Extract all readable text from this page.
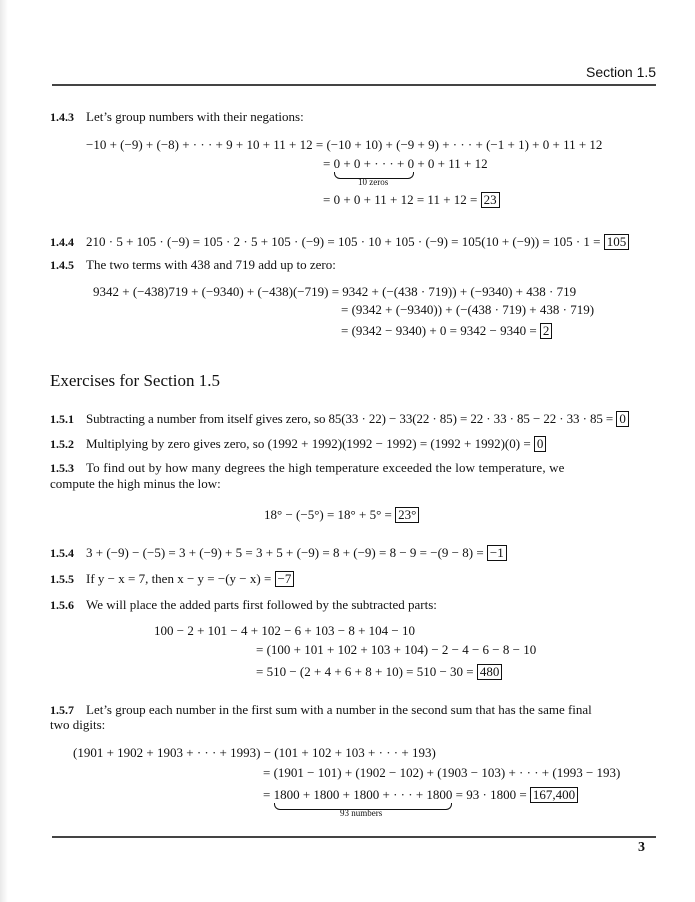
Section 1.5
1.4.3 Let’s group numbers with their negations:
−10 + (−9) + (−8) + · · · + 9 + 10 + 11 + 12 = (−10 + 10) + (−9 + 9) + · · · + (−1 + 1) + 0 + 11 + 12
= 0 + 0 + · · · + 0
+ 0 + 11 + 12
10 zeros
= 0 + 0 + 11 + 12 = 11 + 12 = 23
1.4.4 210 · 5 + 105 · (−9) = 105 · 2 · 5 + 105 · (−9) = 105 · 10 + 105 · (−9) = 105(10 + (−9)) = 105 · 1 = 105
1.4.5 The two terms with 438 and 719 add up to zero:
9342 + (−438)719 + (−9340) + (−438)(−719) = 9342 + (−(438 · 719)) + (−9340) + 438 · 719
= (9342 + (−9340)) + (−(438 · 719) + 438 · 719)
= (9342 − 9340) + 0 = 9342 − 9340 = 2
Exercises for Section 1.5
1.5.1 Subtracting a number from itself gives zero, so 85(33 · 22) − 33(22 · 85) = 22 · 33 · 85 − 22 · 33 · 85 = 0
1.5.2 Multiplying by zero gives zero, so (1992 + 1992)(1992 − 1992) = (1992 + 1992)(0) = 0
1.5.3 To find out by how many degrees the high temperature exceeded the low temperature, we
compute the high minus the low:
18° − (−5°) = 18° + 5° = 23°
1.5.4 3 + (−9) − (−5) = 3 + (−9) + 5 = 3 + 5 + (−9) = 8 + (−9) = 8 − 9 = −(9 − 8) = −1
1.5.5 If y − x = 7, then x − y = −(y − x) = −7
1.5.6 We will place the added parts first followed by the subtracted parts:
100 − 2 + 101 − 4 + 102 − 6 + 103 − 8 + 104 − 10
= (100 + 101 + 102 + 103 + 104) − 2 − 4 − 6 − 8 − 10
= 510 − (2 + 4 + 6 + 8 + 10) = 510 − 30 = 480
1.5.7 Let’s group each number in the first sum with a number in the second sum that has the same final
two digits:
(1901 + 1902 + 1903 + · · · + 1993) − (101 + 102 + 103 + · · · + 193)
= (1901 − 101) + (1902 − 102) + (1903 − 103) + · · · + (1993 − 193)
= 1800 + 1800 + 1800 + · · · + 1800
= 93 · 1800 = 167,400
93 numbers
3
